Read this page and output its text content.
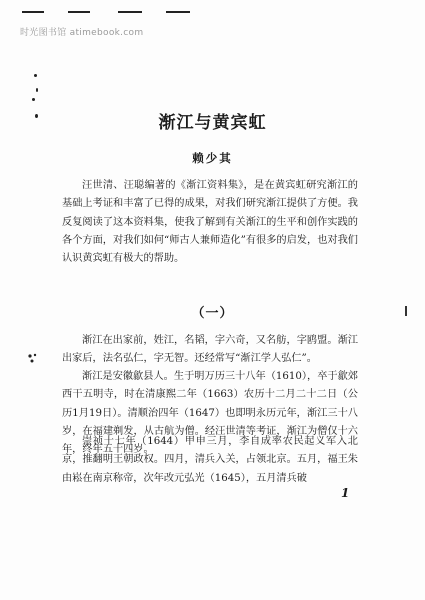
时光图书馆 atimebook.com
渐江与黄宾虹
赖少其

汪世清、汪聪编著的《渐江资料集》，是在黄宾虹研究渐江的基础上考证和丰富了已得的成果，对我们研究渐江提供了方便。我反复阅读了这本资料集，使我了解到有关渐江的生平和创作实践的各个方面，对我们如何“师古人兼师造化”有很多的启发，也对我们认识黄宾虹有极大的帮助。

（一）

渐江在出家前，姓江，名韬，字六奇，又名舫，字鸥盟。渐江出家后，法名弘仁，字无智。还经常写“渐江学人弘仁”。

渐江是安徽歙县人。生于明万历三十八年（1610），卒于歙郊西干五明寺，时在清康熙二年（1663）农历十二月二十二日（公历1月19日）。清顺治四年（1647）也即明永历元年，渐江三十八岁，在福建剃发，从古航为僧。经汪世清等考证，渐江为僧仅十六年，终年五十四岁。

崇祯十七年（1644）甲申三月，李自成率农民起义军入北京，推翻明王朝政权。四月，清兵入关，占领北京。五月，福王朱由崧在南京称帝，次年改元弘光（1645），五月清兵破

1
